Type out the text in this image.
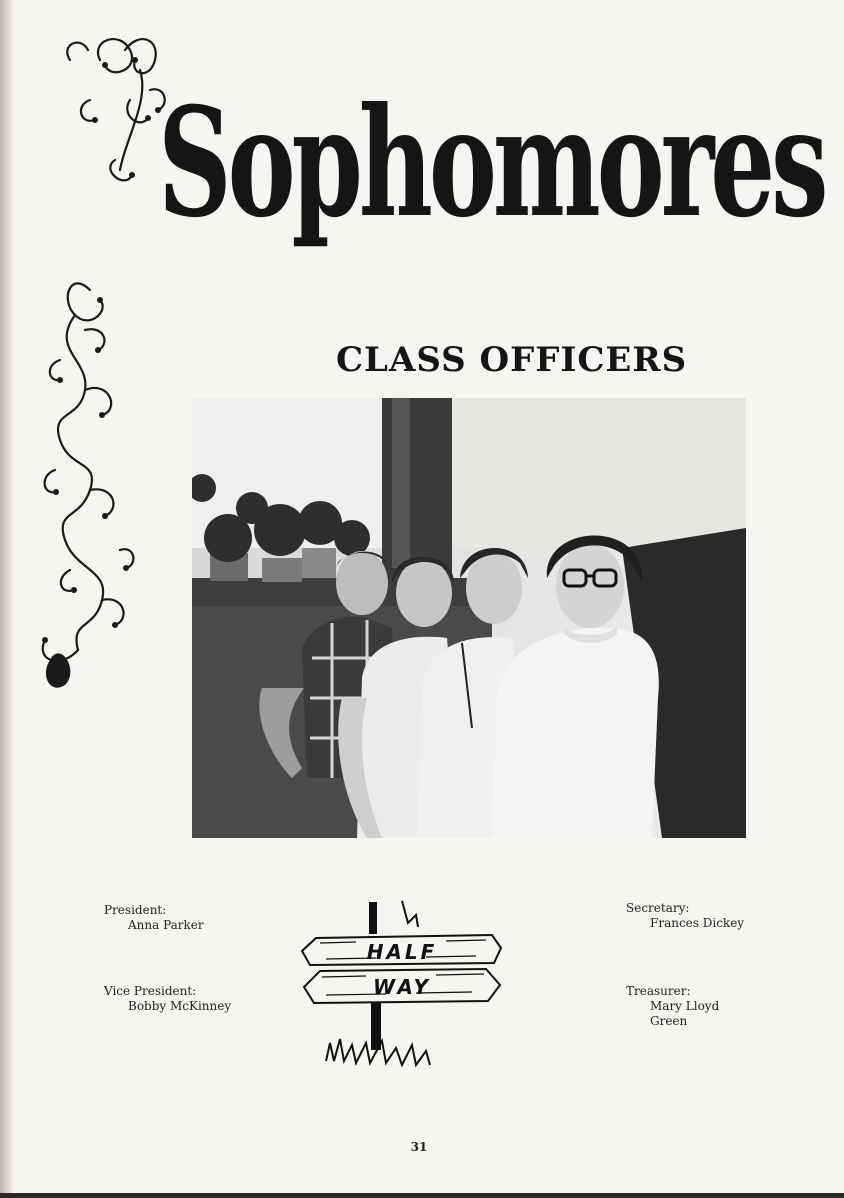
Sophomores
CLASS OFFICERS
President:
Anna Parker
Vice President:
Bobby McKinney
Secretary:
Frances Dickey
Treasurer:
Mary Lloyd
Green
HALF
WAY
31
